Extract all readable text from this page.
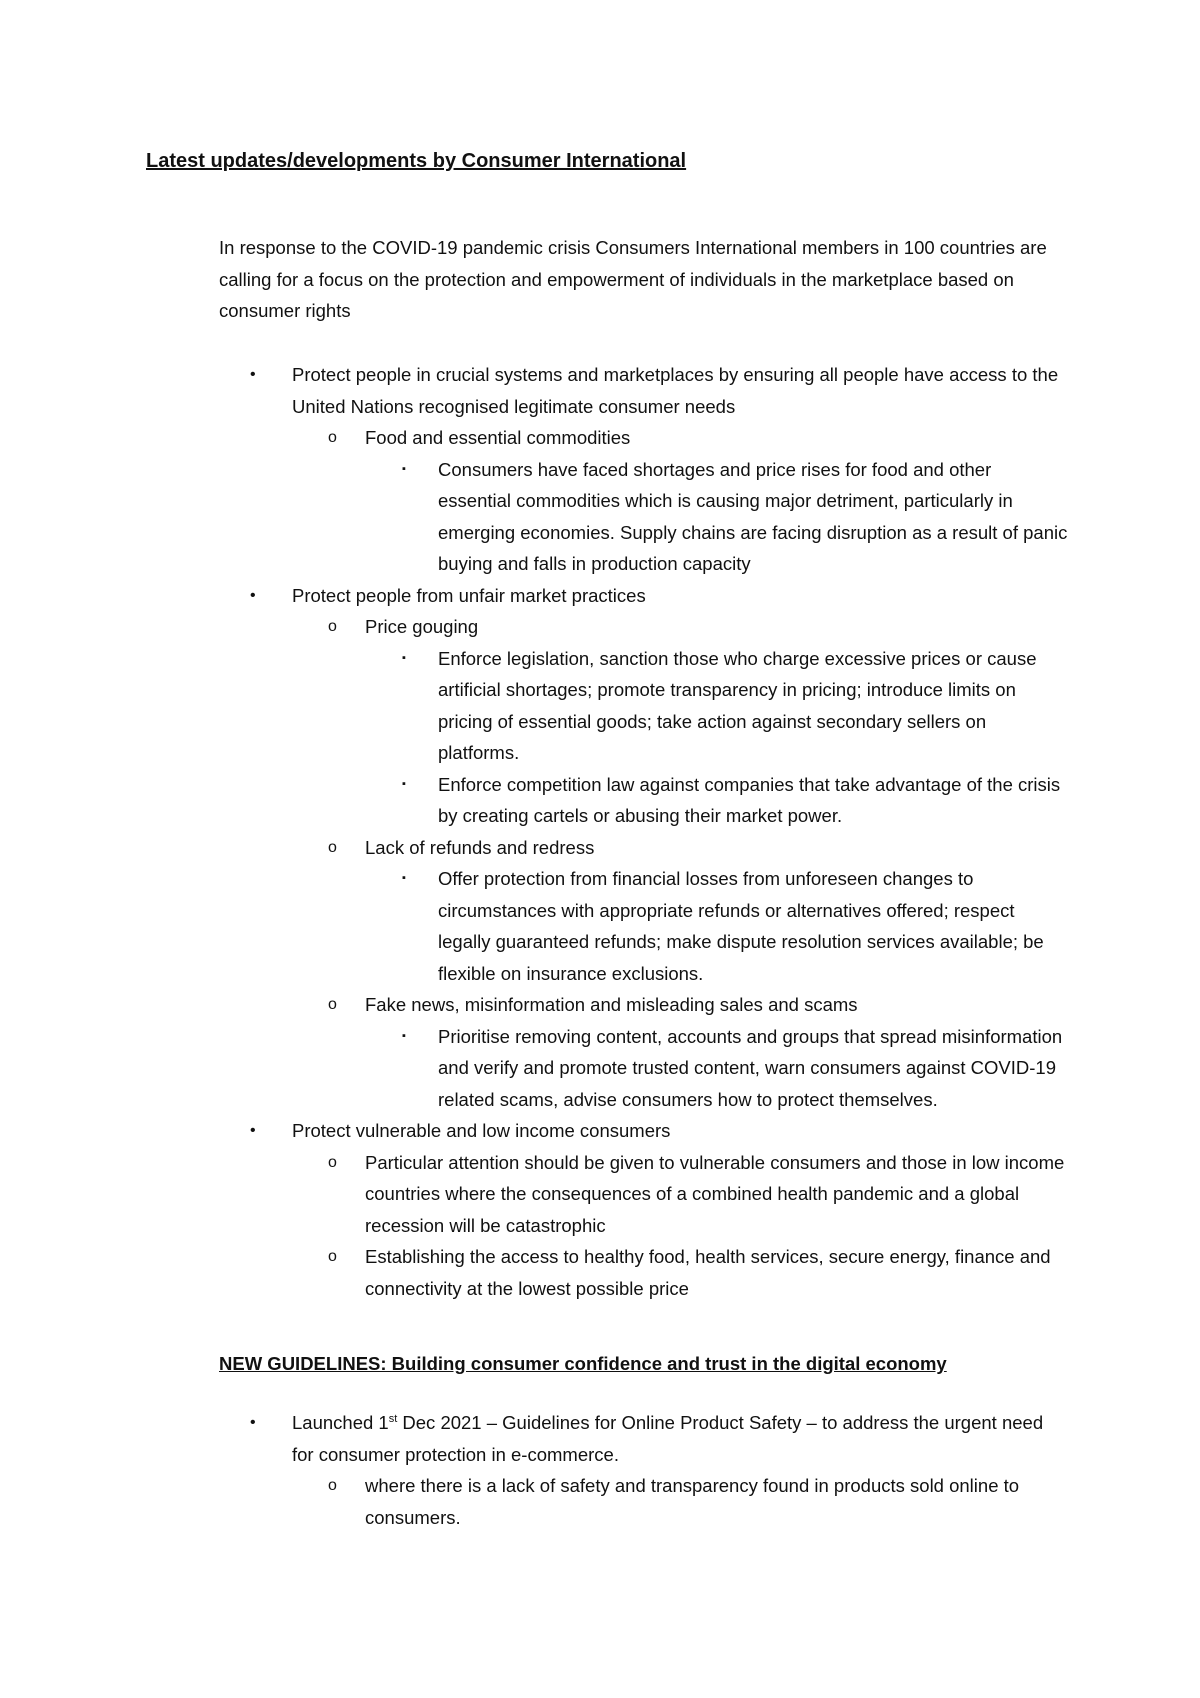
Latest updates/developments by Consumer International

In response to the COVID-19 pandemic crisis Consumers International members in 100 countries are calling for a focus on the protection and empowerment of individuals in the marketplace based on consumer rights

• Protect people in crucial systems and marketplaces by ensuring all people have access to the United Nations recognised legitimate consumer needs
o Food and essential commodities
▪ Consumers have faced shortages and price rises for food and other essential commodities which is causing major detriment, particularly in emerging economies. Supply chains are facing disruption as a result of panic buying and falls in production capacity
• Protect people from unfair market practices
o Price gouging
▪ Enforce legislation, sanction those who charge excessive prices or cause artificial shortages; promote transparency in pricing; introduce limits on pricing of essential goods; take action against secondary sellers on platforms.
▪ Enforce competition law against companies that take advantage of the crisis by creating cartels or abusing their market power.
o Lack of refunds and redress
▪ Offer protection from financial losses from unforeseen changes to circumstances with appropriate refunds or alternatives offered; respect legally guaranteed refunds; make dispute resolution services available; be flexible on insurance exclusions.
o Fake news, misinformation and misleading sales and scams
▪ Prioritise removing content, accounts and groups that spread misinformation and verify and promote trusted content, warn consumers against COVID-19 related scams, advise consumers how to protect themselves.
• Protect vulnerable and low income consumers
o Particular attention should be given to vulnerable consumers and those in low income countries where the consequences of a combined health pandemic and a global recession will be catastrophic
o Establishing the access to healthy food, health services, secure energy, finance and connectivity at the lowest possible price
NEW GUIDELINES: Building consumer confidence and trust in the digital economy
• Launched 1st Dec 2021 – Guidelines for Online Product Safety – to address the urgent need for consumer protection in e-commerce.
o where there is a lack of safety and transparency found in products sold online to consumers.
